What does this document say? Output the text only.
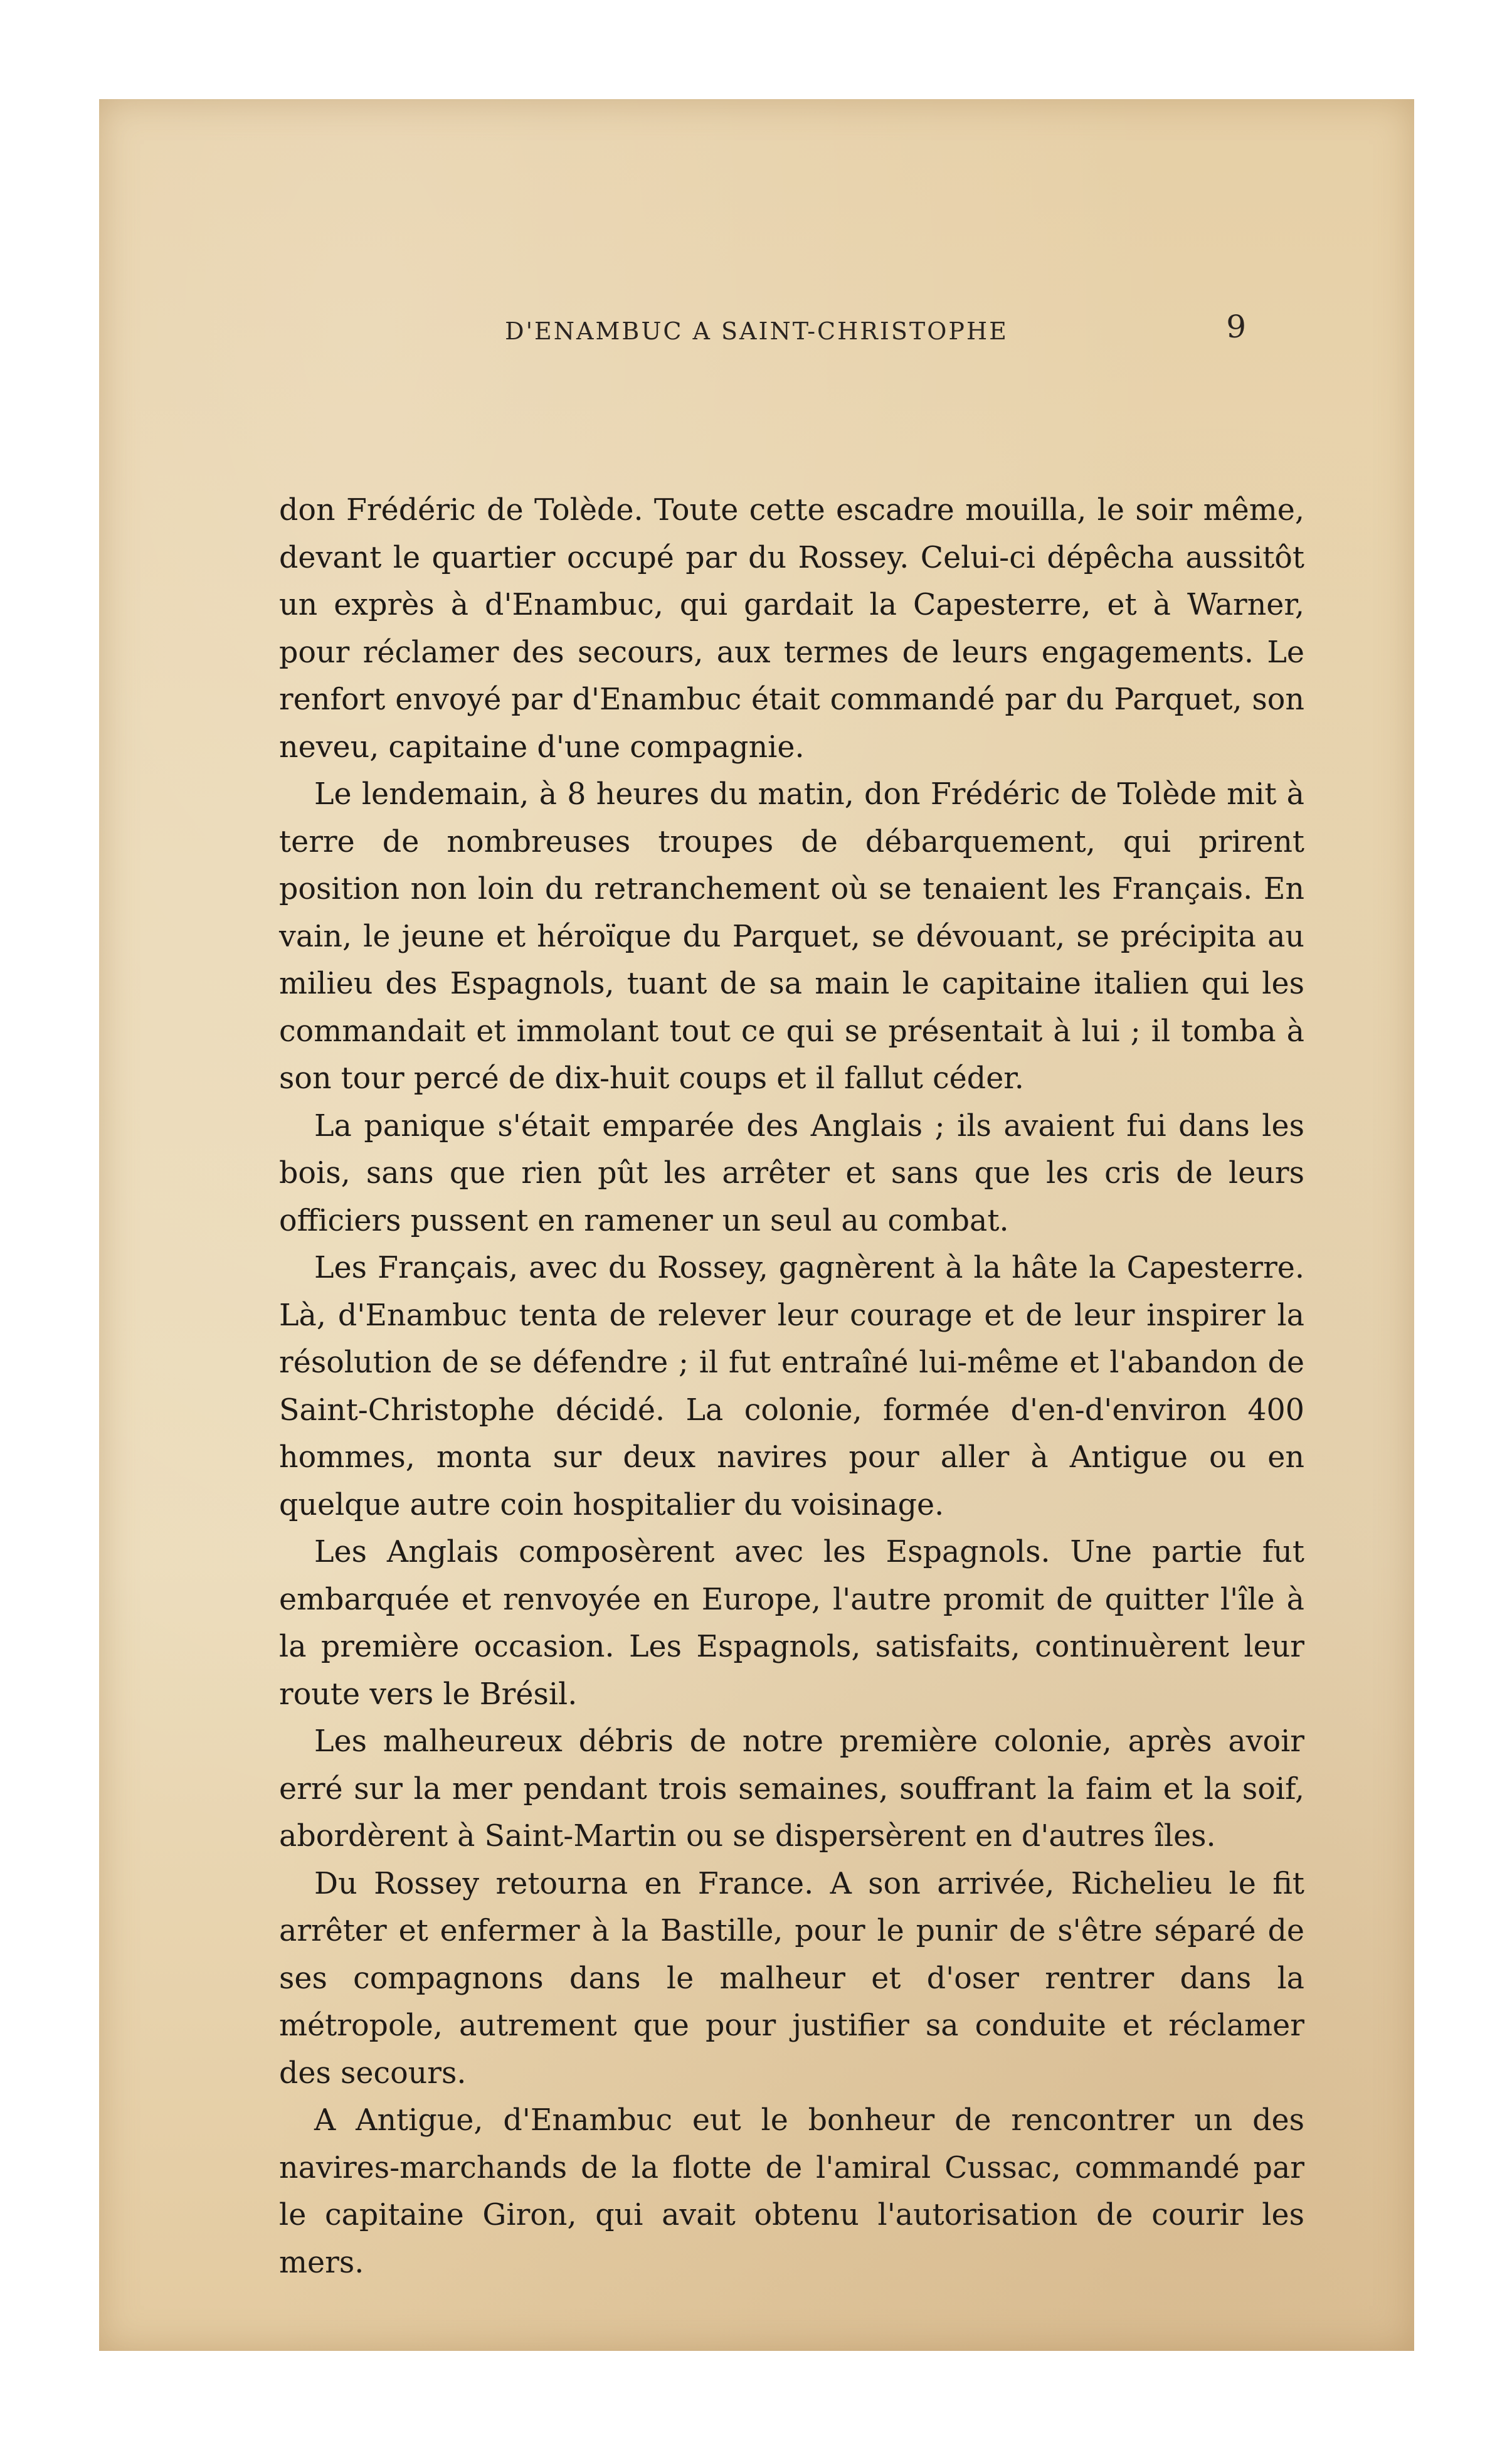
D'ENAMBUC A SAINT-CHRISTOPHE	9

don Frédéric de Tolède. Toute cette escadre mouilla, le soir même, devant le quartier occupé par du Rossey. Celui-ci dépêcha aussitôt un exprès à d'Enambuc, qui gardait la Capesterre, et à Warner, pour réclamer des secours, aux termes de leurs engagements. Le renfort envoyé par d'Enambuc était commandé par du Parquet, son neveu, capitaine d'une compagnie.

Le lendemain, à 8 heures du matin, don Frédéric de Tolède mit à terre de nombreuses troupes de débarquement, qui prirent position non loin du retranchement où se tenaient les Français. En vain, le jeune et héroïque du Parquet, se dévouant, se précipita au milieu des Espagnols, tuant de sa main le capitaine italien qui les commandait et immolant tout ce qui se présentait à lui ; il tomba à son tour percé de dix-huit coups et il fallut céder.

La panique s'était emparée des Anglais ; ils avaient fui dans les bois, sans que rien pût les arrêter et sans que les cris de leurs officiers pussent en ramener un seul au combat.

Les Français, avec du Rossey, gagnèrent à la hâte la Capesterre. Là, d'Enambuc tenta de relever leur courage et de leur inspirer la résolution de se défendre ; il fut entraîné lui-même et l'abandon de Saint-Christophe décidé. La colonie, formée d'en-d'environ 400 hommes, monta sur deux navires pour aller à Antigue ou en quelque autre coin hospitalier du voisinage.

Les Anglais composèrent avec les Espagnols. Une partie fut embarquée et renvoyée en Europe, l'autre promit de quitter l'île à la première occasion. Les Espagnols, satisfaits, continuèrent leur route vers le Brésil.

Les malheureux débris de notre première colonie, après avoir erré sur la mer pendant trois semaines, souffrant la faim et la soif, abordèrent à Saint-Martin ou se dispersèrent en d'autres îles.

Du Rossey retourna en France. A son arrivée, Richelieu le fit arrêter et enfermer à la Bastille, pour le punir de s'être séparé de ses compagnons dans le malheur et d'oser rentrer dans la métropole, autrement que pour justifier sa conduite et réclamer des secours.

A Antigue, d'Enambuc eut le bonheur de rencontrer un des navires-marchands de la flotte de l'amiral Cussac, commandé par le capitaine Giron, qui avait obtenu l'autorisation de courir les mers.
